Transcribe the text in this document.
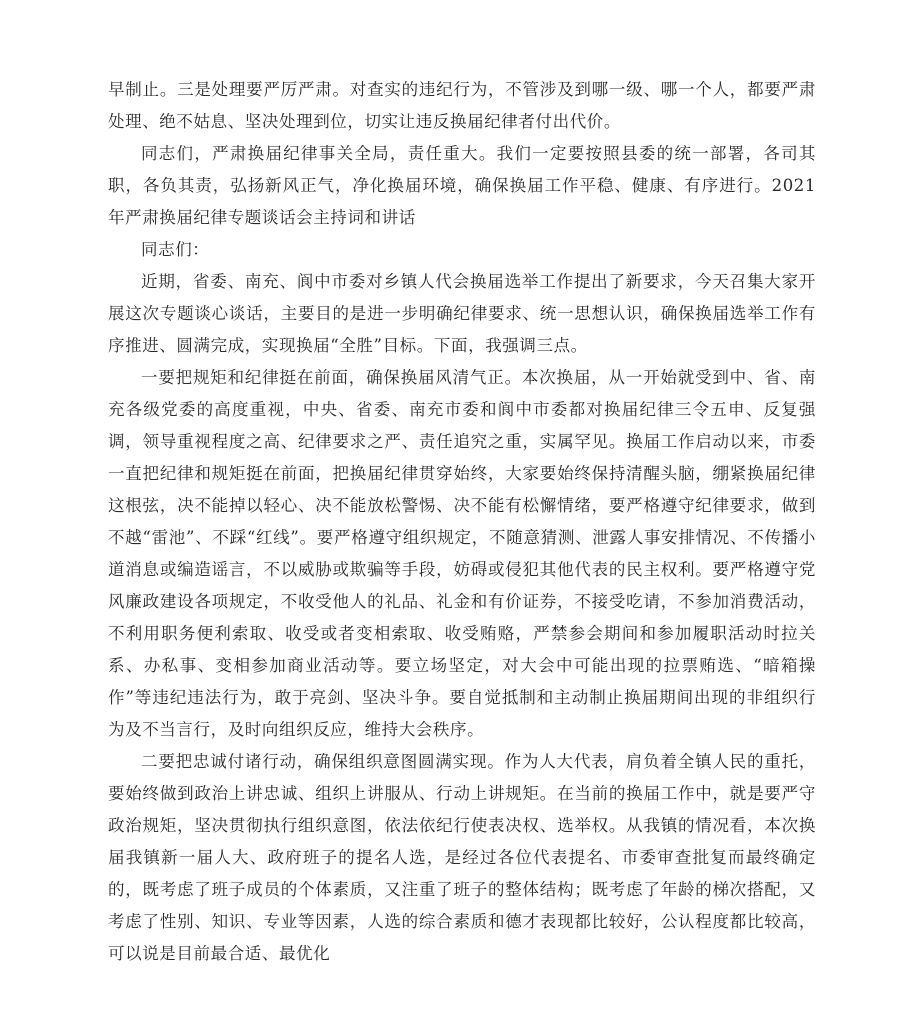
早制止。三是处理要严厉严肃。对查实的违纪行为，不管涉及到哪一级、哪一个人，都要严肃处理、绝不姑息、坚决处理到位，切实让违反换届纪律者付出代价。

同志们，严肃换届纪律事关全局，责任重大。我们一定要按照县委的统一部署，各司其职，各负其责，弘扬新风正气，净化换届环境，确保换届工作平稳、健康、有序进行。2021年严肃换届纪律专题谈话会主持词和讲话

同志们：

近期，省委、南充、阆中市委对乡镇人代会换届选举工作提出了新要求，今天召集大家开展这次专题谈心谈话，主要目的是进一步明确纪律要求、统一思想认识，确保换届选举工作有序推进、圆满完成，实现换届“全胜”目标。下面，我强调三点。

一要把规矩和纪律挺在前面，确保换届风清气正。本次换届，从一开始就受到中、省、南充各级党委的高度重视，中央、省委、南充市委和阆中市委都对换届纪律三令五申、反复强调，领导重视程度之高、纪律要求之严、责任追究之重，实属罕见。换届工作启动以来，市委一直把纪律和规矩挺在前面，把换届纪律贯穿始终，大家要始终保持清醒头脑，绷紧换届纪律这根弦，决不能掉以轻心、决不能放松警惕、决不能有松懈情绪，要严格遵守纪律要求，做到不越“雷池”、不踩“红线”。要严格遵守组织规定，不随意猜测、泄露人事安排情况、不传播小道消息或编造谣言，不以威胁或欺骗等手段，妨碍或侵犯其他代表的民主权利。要严格遵守党风廉政建设各项规定，不收受他人的礼品、礼金和有价证券，不接受吃请，不参加消费活动，不利用职务便利索取、收受或者变相索取、收受贿赂，严禁参会期间和参加履职活动时拉关系、办私事、变相参加商业活动等。要立场坚定，对大会中可能出现的拉票贿选、“暗箱操作”等违纪违法行为，敢于亮剑、坚决斗争。要自觉抵制和主动制止换届期间出现的非组织行为及不当言行，及时向组织反应，维持大会秩序。

二要把忠诚付诸行动，确保组织意图圆满实现。作为人大代表，肩负着全镇人民的重托，要始终做到政治上讲忠诚、组织上讲服从、行动上讲规矩。在当前的换届工作中，就是要严守政治规矩，坚决贯彻执行组织意图，依法依纪行使表决权、选举权。从我镇的情况看，本次换届我镇新一届人大、政府班子的提名人选，是经过各位代表提名、市委审查批复而最终确定的，既考虑了班子成员的个体素质，又注重了班子的整体结构；既考虑了年龄的梯次搭配，又考虑了性别、知识、专业等因素，人选的综合素质和德才表现都比较好，公认程度都比较高，可以说是目前最合适、最优化
